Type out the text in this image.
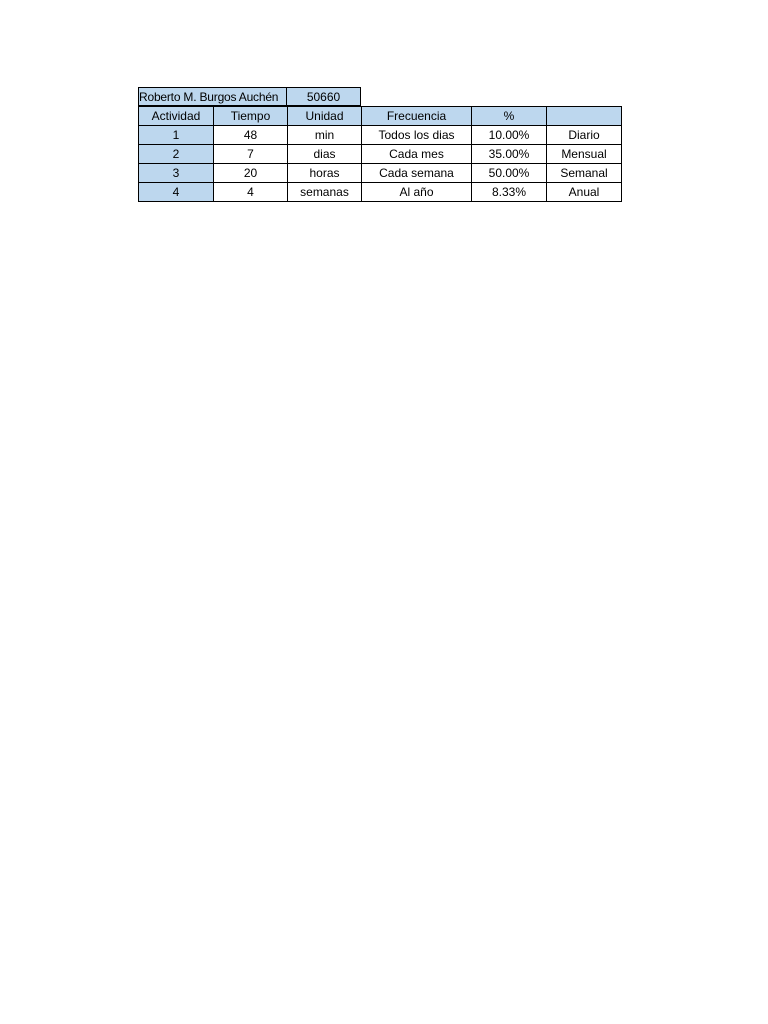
Roberto M. Burgos Auchén	50660
Actividad	Tiempo	Unidad	Frecuencia	%	
1	48	min	Todos los dias	10.00%	Diario
2	7	dias	Cada mes	35.00%	Mensual
3	20	horas	Cada semana	50.00%	Semanal
4	4	semanas	Al año	8.33%	Anual
